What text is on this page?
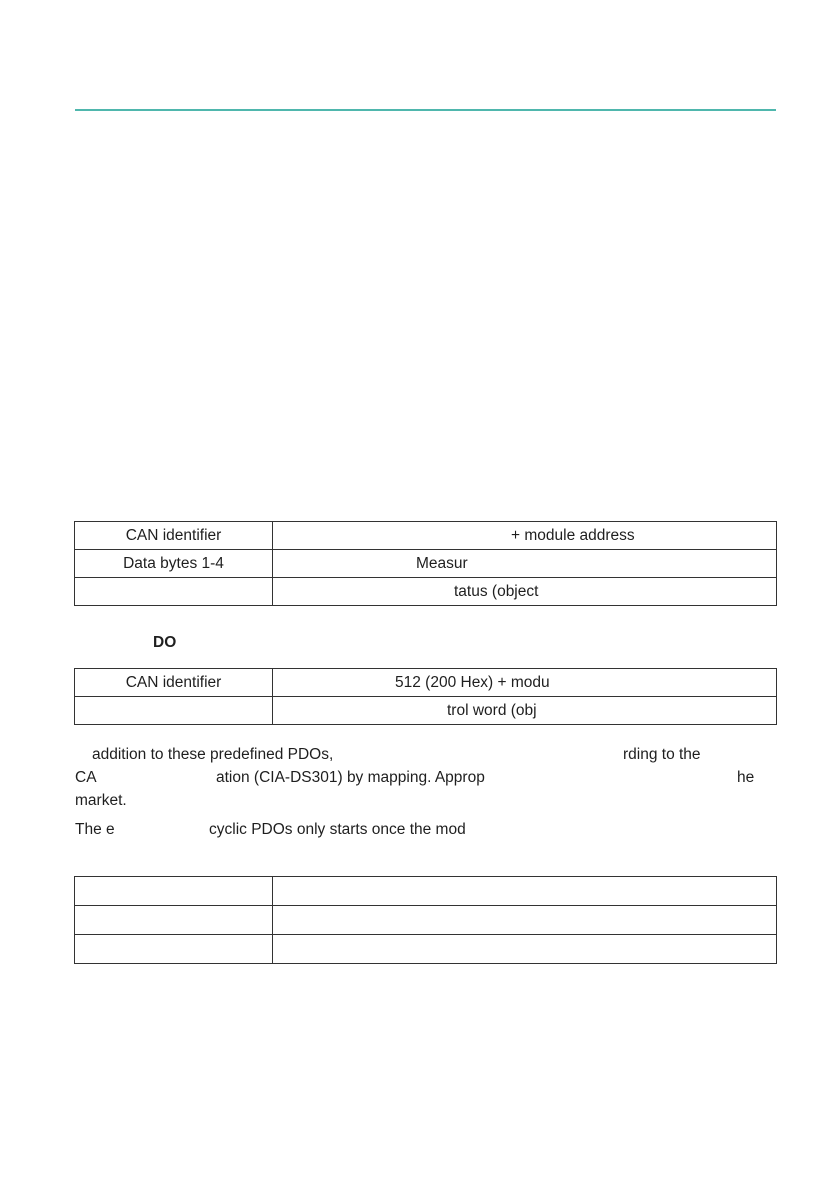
CAN identifier	+ module address
Data bytes 1-4	Measur
	tatus (object
DO
CAN identifier	512 (200 Hex) + modu
	trol word (obj
addition to these predefined PDOs,	rding to the
CA	ation (CIA-DS301) by mapping. Approp	he
market.
The e	cyclic PDOs only starts once the mod
